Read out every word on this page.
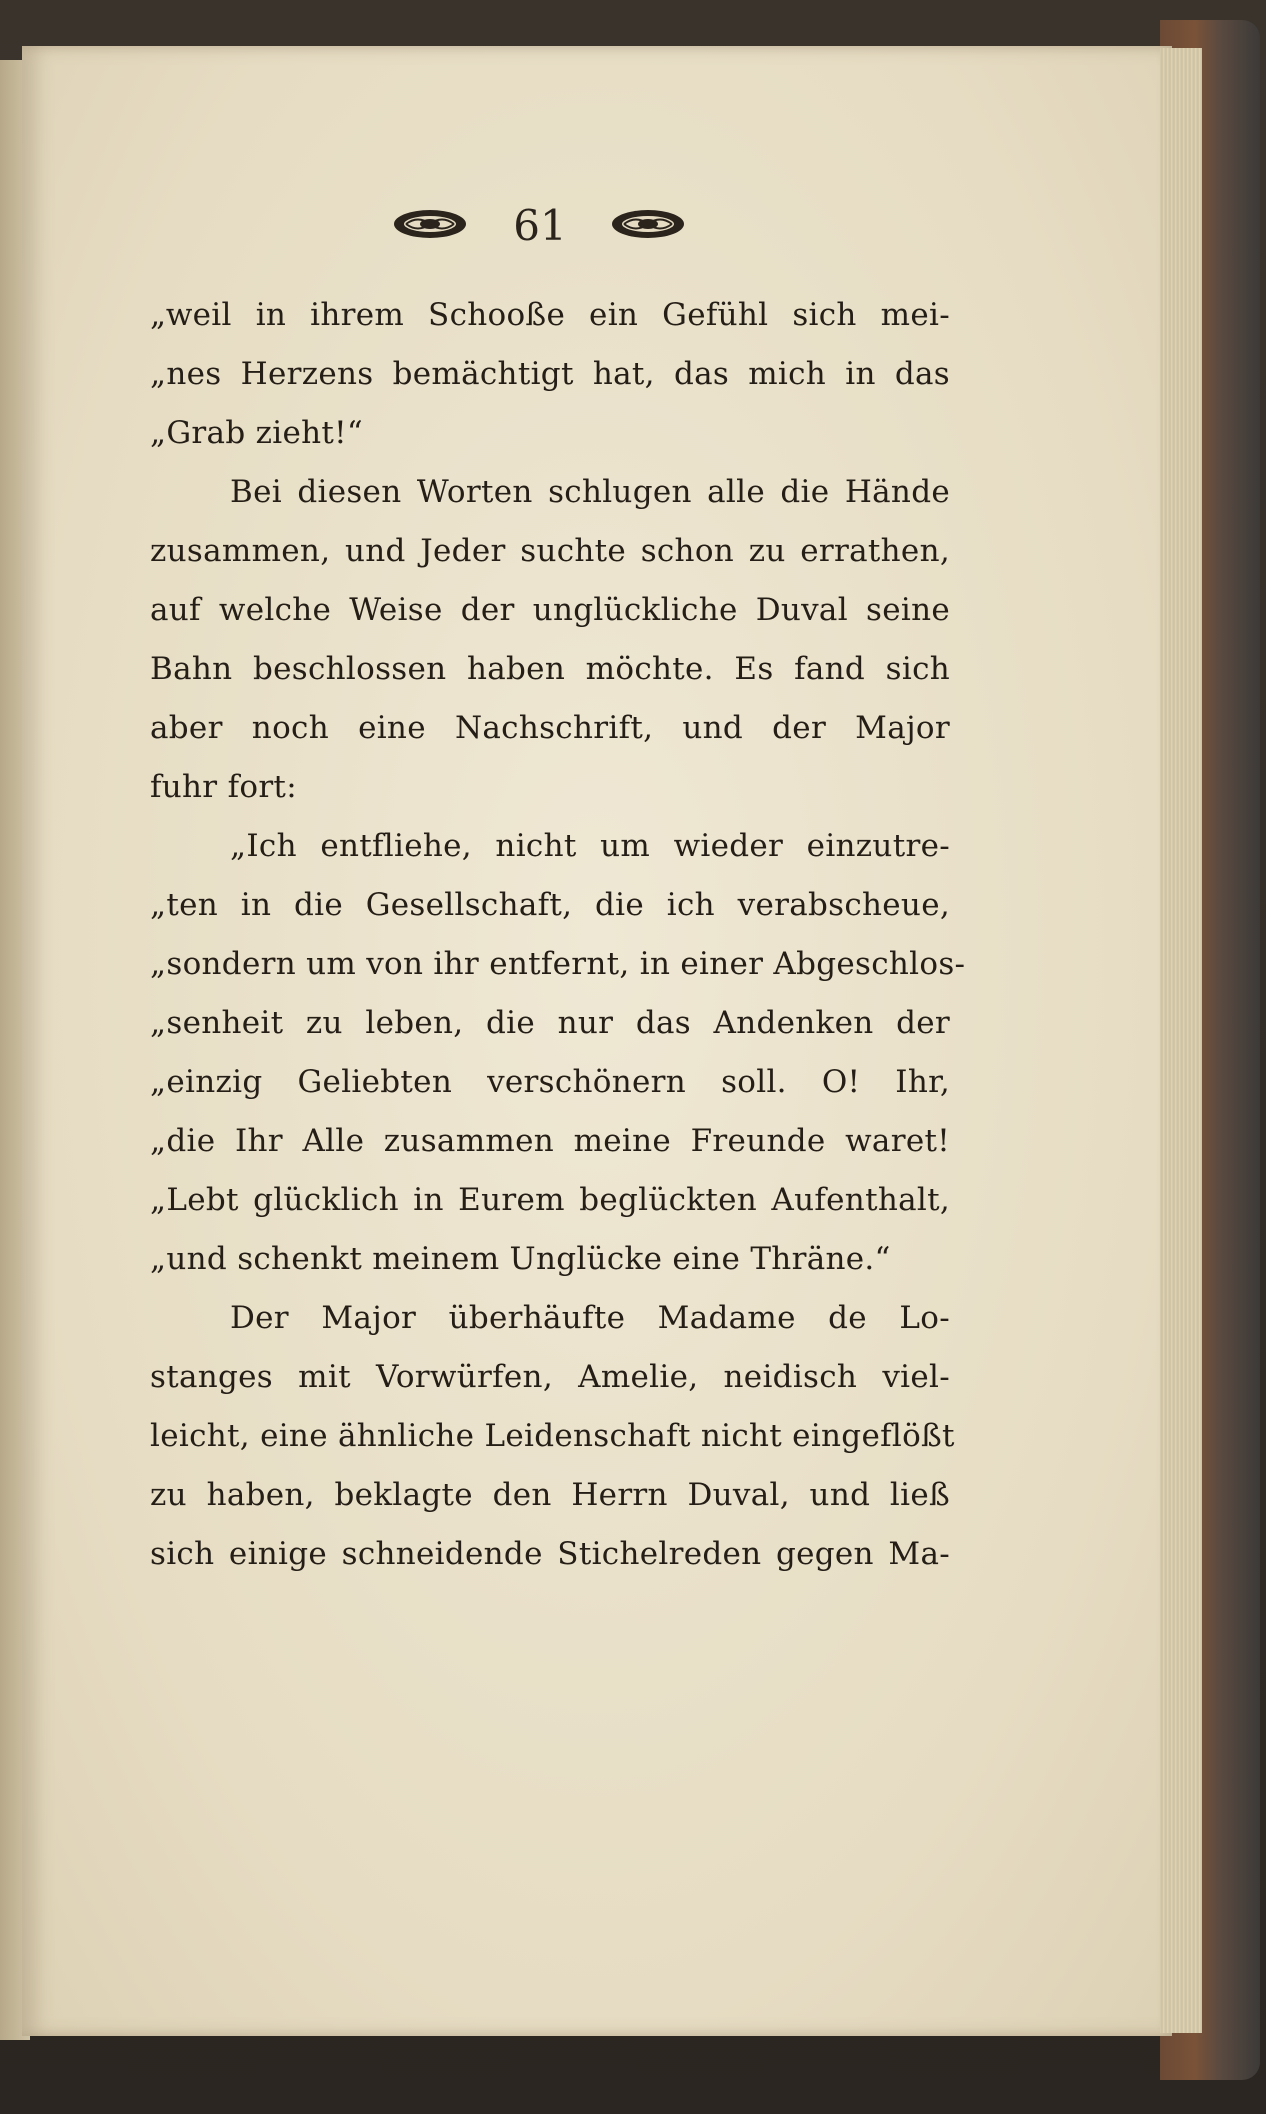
61
„weil in ihrem Schooße ein Gefühl sich mei-
„nes Herzens bemächtigt hat, das mich in das
„Grab zieht!“
Bei diesen Worten schlugen alle die Hände
zusammen, und Jeder suchte schon zu errathen,
auf welche Weise der unglückliche Duval seine
Bahn beschlossen haben möchte. Es fand sich
aber noch eine Nachschrift, und der Major
fuhr fort:
„Ich entfliehe, nicht um wieder einzutre-
„ten in die Gesellschaft, die ich verabscheue,
„sondern um von ihr entfernt, in einer Abgeschlos-
„senheit zu leben, die nur das Andenken der
„einzig Geliebten verschönern soll. O! Ihr,
„die Ihr Alle zusammen meine Freunde waret!
„Lebt glücklich in Eurem beglückten Aufenthalt,
„und schenkt meinem Unglücke eine Thräne.“
Der Major überhäufte Madame de Lo-
stanges mit Vorwürfen, Amelie, neidisch viel-
leicht, eine ähnliche Leidenschaft nicht eingeflößt
zu haben, beklagte den Herrn Duval, und ließ
sich einige schneidende Stichelreden gegen Ma-
